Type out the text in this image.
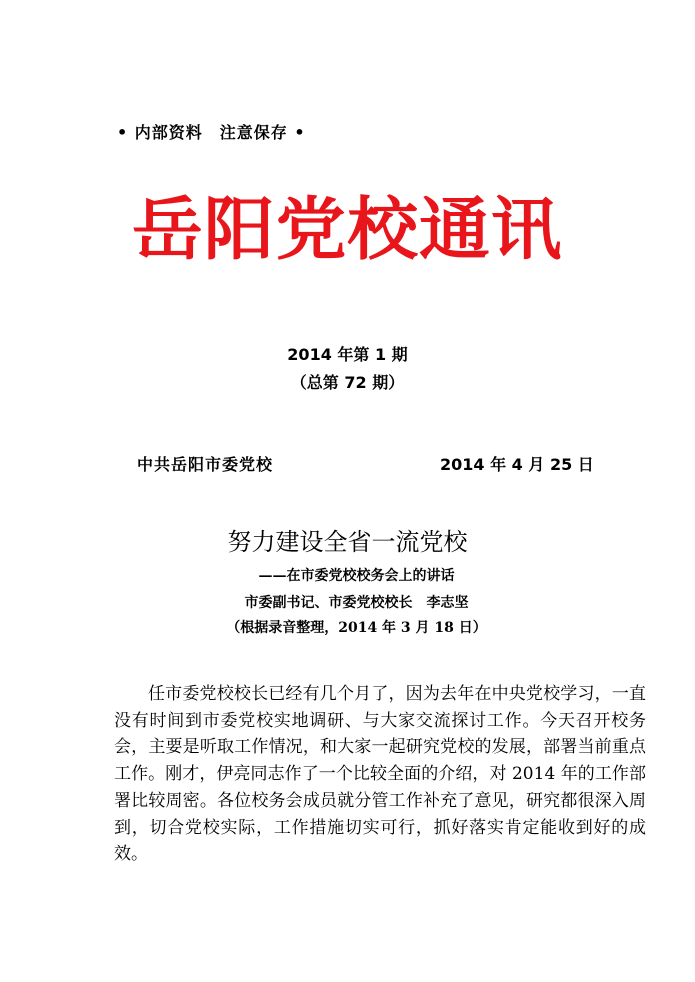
• 内部资料　注意保存 •
岳阳党校通讯
2014 年第 1 期
（总第 72 期）
中共岳阳市委党校	2014 年 4 月 25 日
努力建设全省一流党校
——在市委党校校务会上的讲话
市委副书记、市委党校校长　李志坚
（根据录音整理，2014 年 3 月 18 日）
任市委党校校长已经有几个月了，因为去年在中央党校学习，一直没有时间到市委党校实地调研、与大家交流探讨工作。今天召开校务会，主要是听取工作情况，和大家一起研究党校的发展，部署当前重点工作。刚才，伊亮同志作了一个比较全面的介绍，对 2014 年的工作部署比较周密。各位校务会成员就分管工作补充了意见，研究都很深入周到，切合党校实际，工作措施切实可行，抓好落实肯定能收到好的成效。
